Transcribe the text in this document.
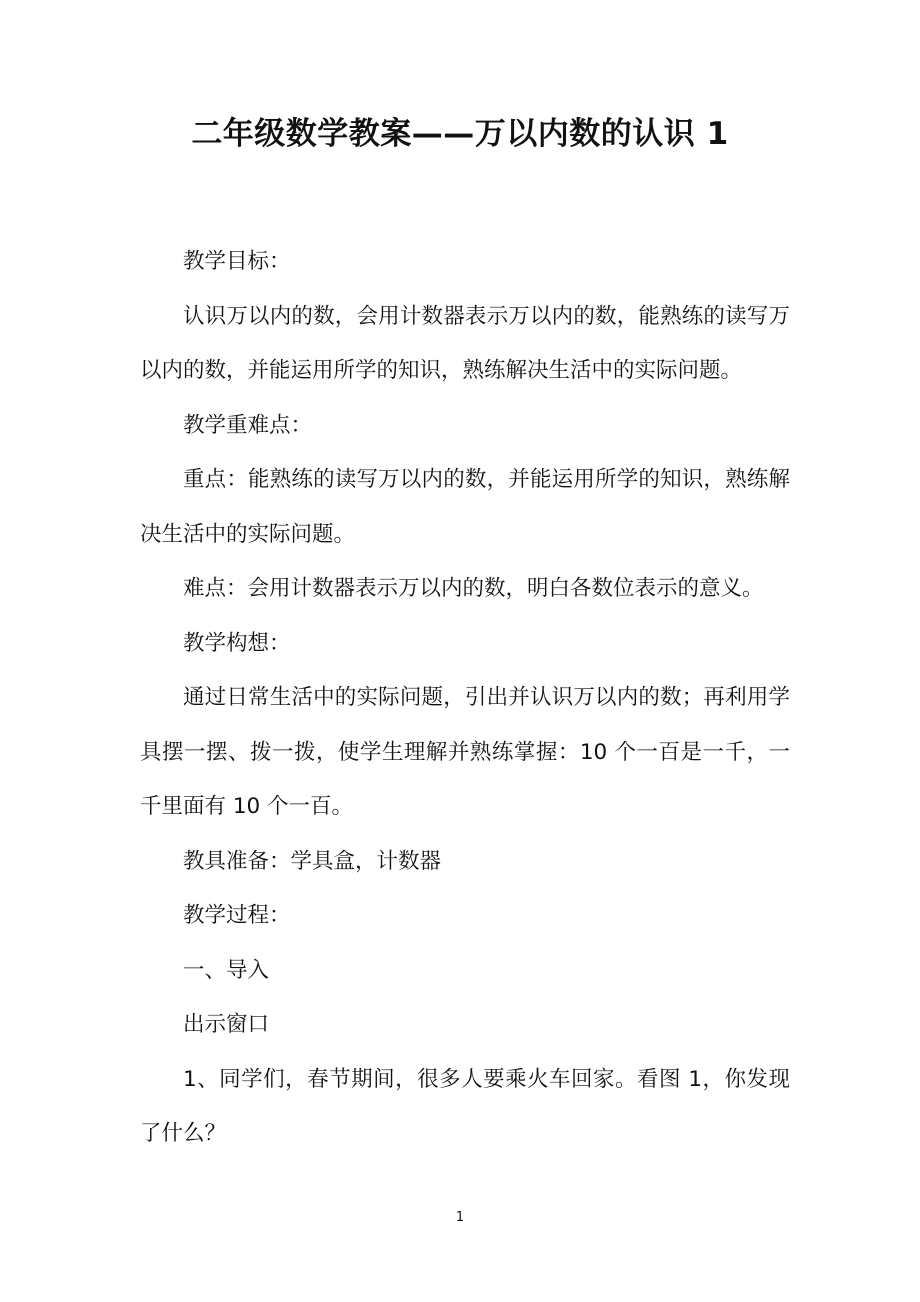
二年级数学教案——万以内数的认识 1

教学目标：

认识万以内的数，会用计数器表示万以内的数，能熟练的读写万以内的数，并能运用所学的知识，熟练解决生活中的实际问题。

教学重难点：

重点：能熟练的读写万以内的数，并能运用所学的知识，熟练解决生活中的实际问题。

难点：会用计数器表示万以内的数，明白各数位表示的意义。

教学构想：

通过日常生活中的实际问题，引出并认识万以内的数；再利用学具摆一摆、拨一拨，使学生理解并熟练掌握：10 个一百是一千，一千里面有 10 个一百。

教具准备：学具盒，计数器

教学过程：

一、导入

出示窗口

1、同学们，春节期间，很多人要乘火车回家。看图 1，你发现了什么？

1
